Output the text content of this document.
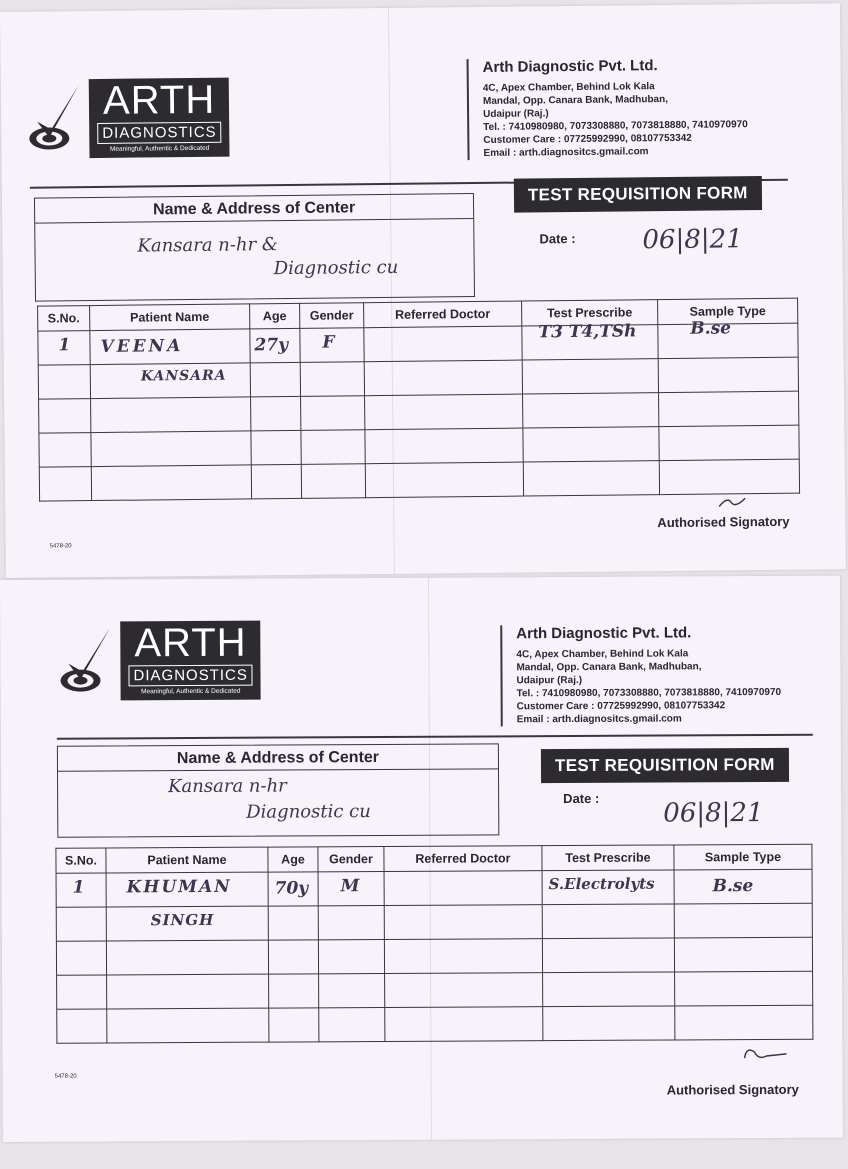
ARTH
DIAGNOSTICS
Meaningful, Authentic & Dedicated
Arth Diagnostic Pvt. Ltd.
4C, Apex Chamber, Behind Lok Kala
Mandal, Opp. Canara Bank, Madhuban,
Udaipur (Raj.)
Tel. : 7410980980, 7073308880, 7073818880, 7410970970
Customer Care : 07725992990, 08107753342
Email : arth.diagnositcs.gmail.com
Name & Address of Center
Kansara n-hr &
Diagnostic cu
TEST REQUISITION FORM
Date :	06|8|21
S.No.	Patient Name	Age	Gender	Referred Doctor	Test Prescribe	Sample Type

1	VEENA	27y	F		T3 T4,TSh	B.se

	KANSARA					

Authorised Signatory
5478-20
ARTH
DIAGNOSTICS
Meaningful, Authentic & Dedicated
Arth Diagnostic Pvt. Ltd.
4C, Apex Chamber, Behind Lok Kala
Mandal, Opp. Canara Bank, Madhuban,
Udaipur (Raj.)
Tel. : 7410980980, 7073308880, 7073818880, 7410970970
Customer Care : 07725992990, 08107753342
Email : arth.diagnositcs.gmail.com
Name & Address of Center
Kansara n-hr
Diagnostic cu
TEST REQUISITION FORM
Date : 06|8|21
S.No.	Patient Name	Age	Gender	Referred Doctor	Test Prescribe	Sample Type

1	KHUMAN	70y	M		S.Electrolyts	B.se

	SINGH					

Authorised Signatory
5478-20
